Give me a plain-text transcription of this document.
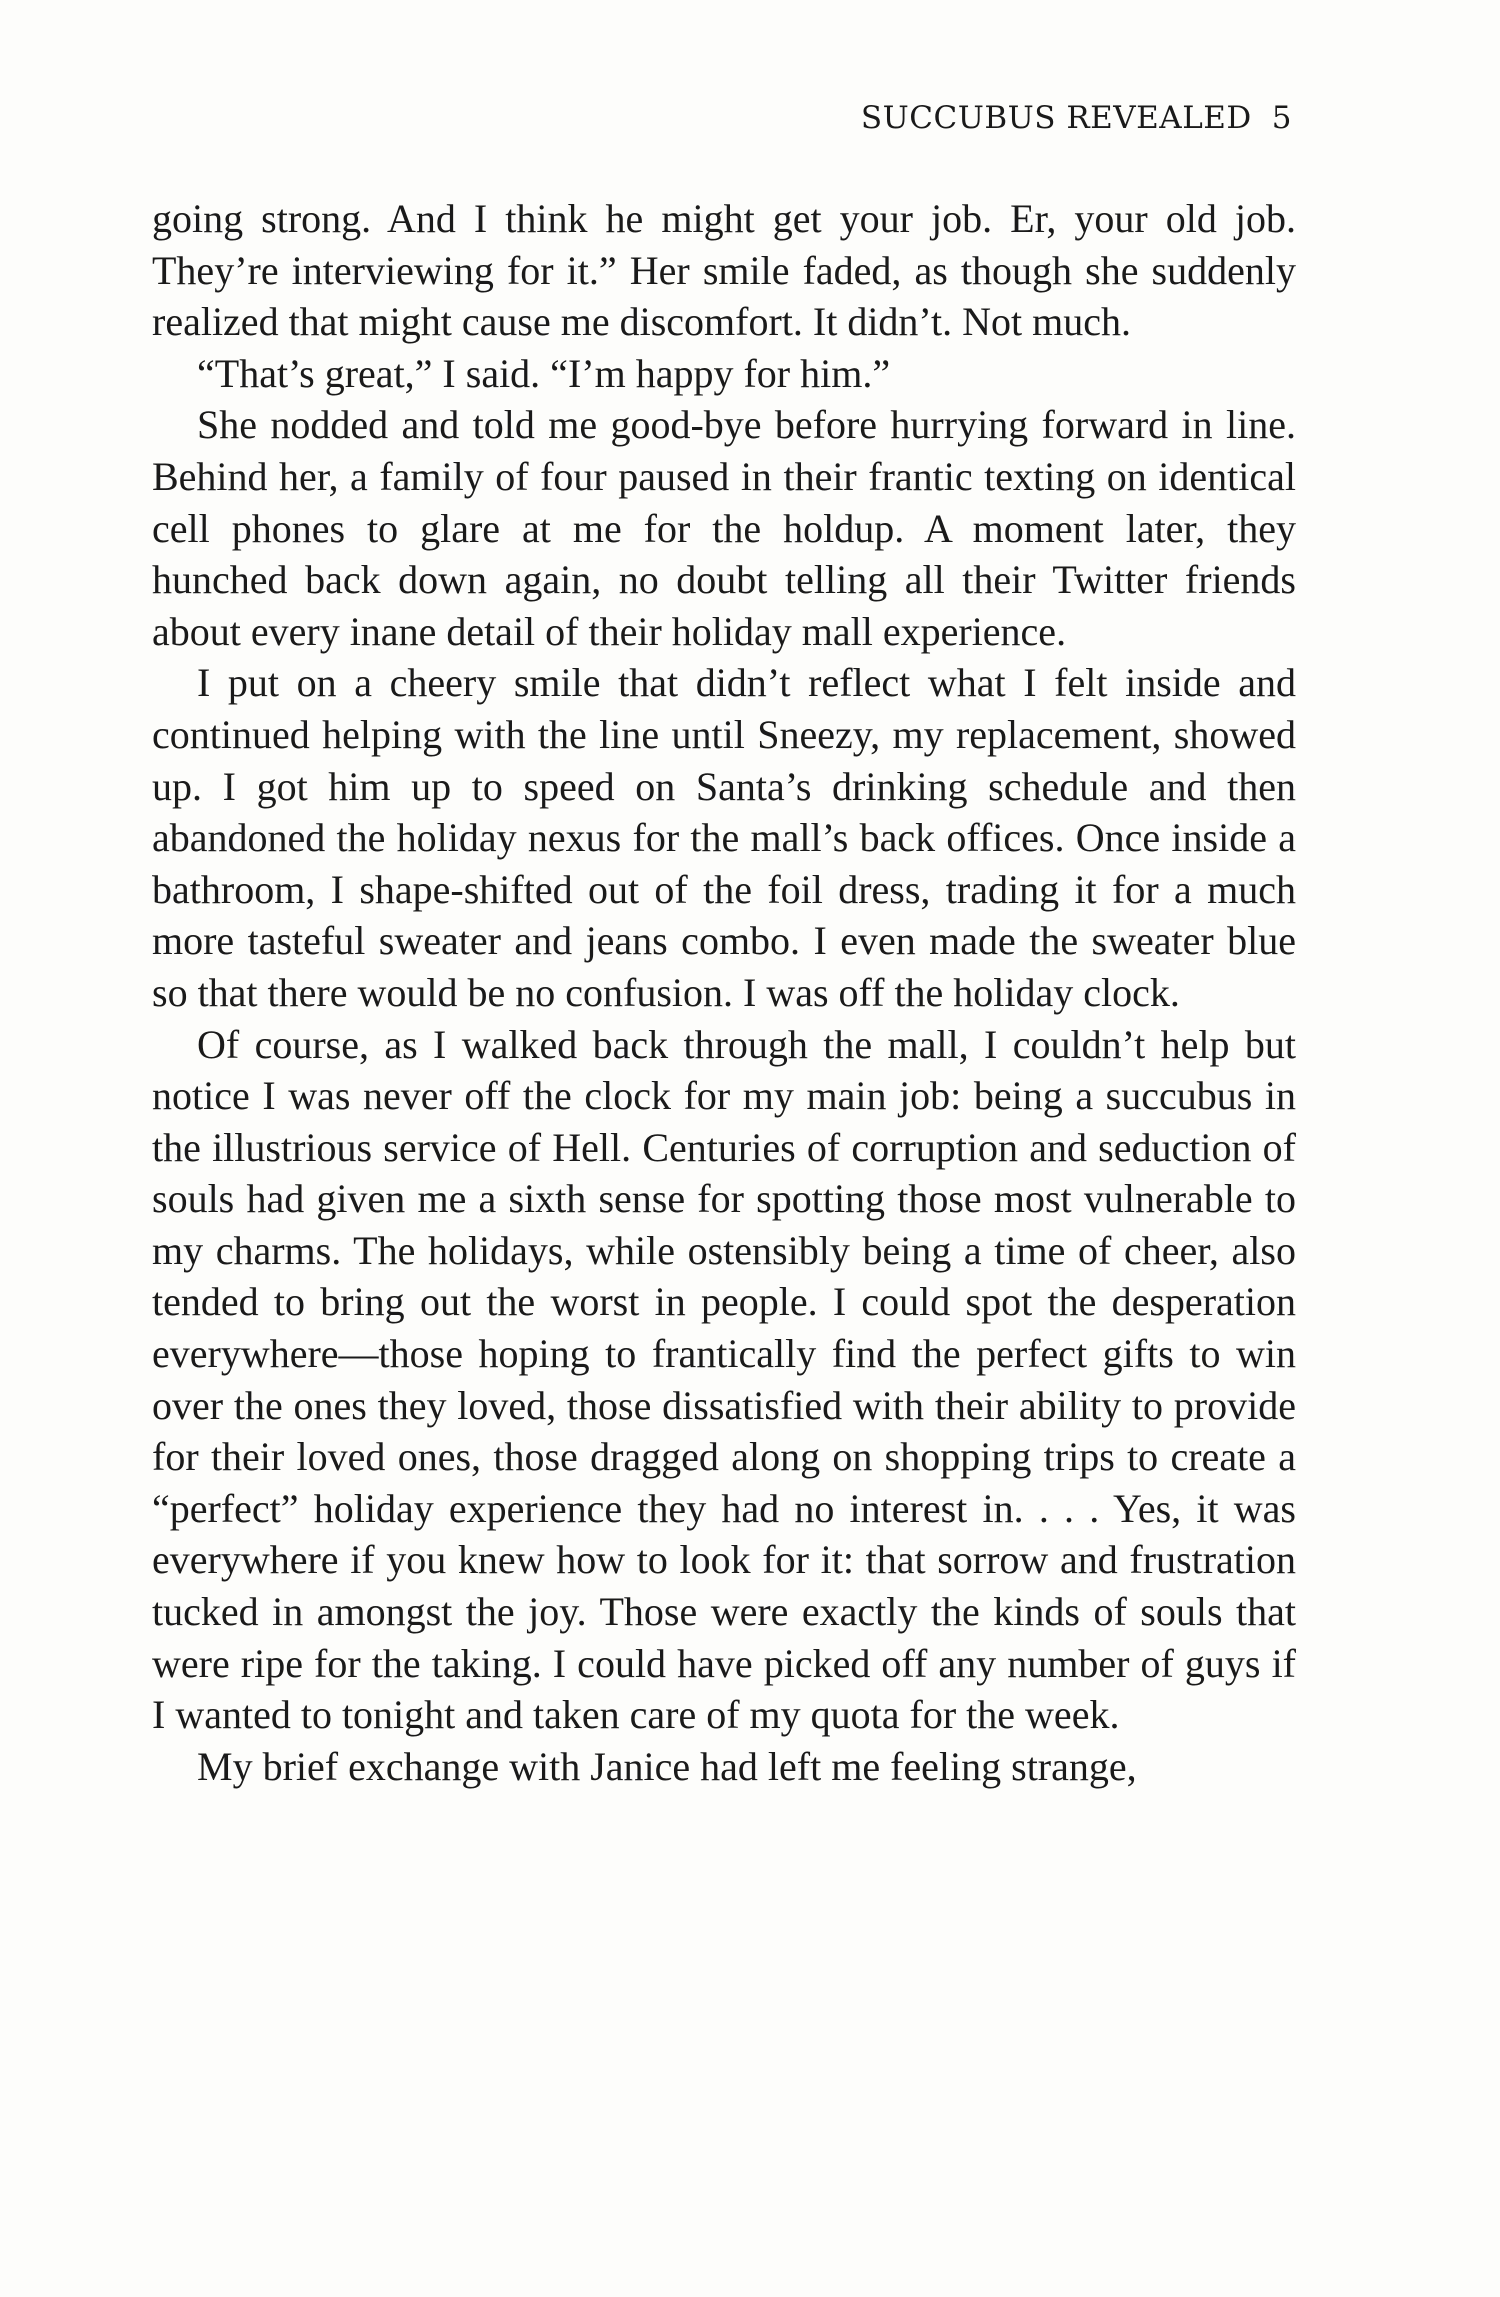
SUCCUBUS REVEALED 5

going strong. And I think he might get your job. Er, your old job. They’re interviewing for it.” Her smile faded, as though she suddenly realized that might cause me discomfort. It didn’t. Not much.

“That’s great,” I said. “I’m happy for him.”

She nodded and told me good-bye before hurrying forward in line. Behind her, a family of four paused in their frantic texting on identical cell phones to glare at me for the holdup. A moment later, they hunched back down again, no doubt telling all their Twitter friends about every inane detail of their holiday mall experience.

I put on a cheery smile that didn’t reflect what I felt inside and continued helping with the line until Sneezy, my replacement, showed up. I got him up to speed on Santa’s drinking schedule and then abandoned the holiday nexus for the mall’s back offices. Once inside a bathroom, I shape-shifted out of the foil dress, trading it for a much more tasteful sweater and jeans combo. I even made the sweater blue so that there would be no confusion. I was off the holiday clock.

Of course, as I walked back through the mall, I couldn’t help but notice I was never off the clock for my main job: being a succubus in the illustrious service of Hell. Centuries of corruption and seduction of souls had given me a sixth sense for spotting those most vulnerable to my charms. The holidays, while ostensibly being a time of cheer, also tended to bring out the worst in people. I could spot the desperation everywhere—those hoping to frantically find the perfect gifts to win over the ones they loved, those dissatisfied with their ability to provide for their loved ones, those dragged along on shopping trips to create a “perfect” holiday experience they had no interest in. . . . Yes, it was everywhere if you knew how to look for it: that sorrow and frustration tucked in amongst the joy. Those were exactly the kinds of souls that were ripe for the taking. I could have picked off any number of guys if I wanted to tonight and taken care of my quota for the week.

My brief exchange with Janice had left me feeling strange,
